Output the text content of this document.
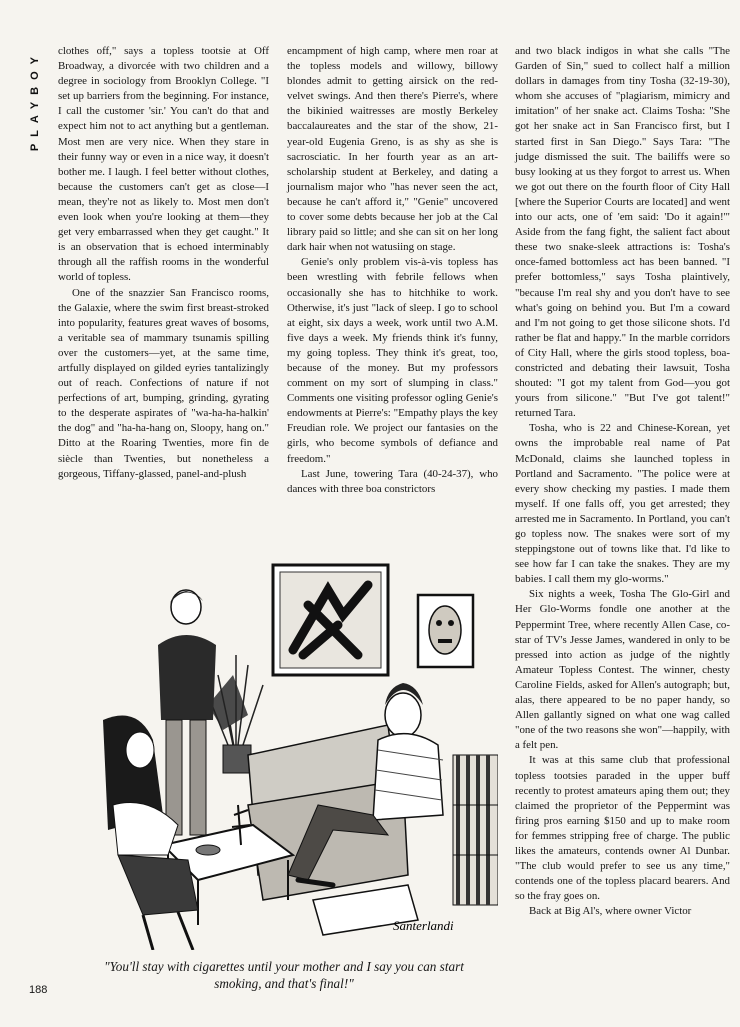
PLAYBOY clothes off," says a topless tootsie at Off Broadway, a divorcée with two children and a degree in sociology from Brooklyn College. "I set up barriers from the beginning. For instance, I call the customer 'sir.' You can't do that and expect him not to act anything but a gentleman. Most men are very nice. When they stare in their funny way or even in a nice way, it doesn't bother me. I laugh. I feel better without clothes, because the customers can't get as close—I mean, they're not as likely to. Most men don't even look when you're looking at them—they get very embarrassed when they get caught." It is an observation that is echoed interminably through all the raffish rooms in the wonderful world of topless.

One of the snazzier San Francisco rooms, the Galaxie, where the swim first breast-stroked into popularity, features great waves of bosoms, a veritable sea of mammary tsunamis spilling over the customers—yet, at the same time, artfully displayed on gilded eyries tantalizingly out of reach. Confections of nature if not perfections of art, bumping, grinding, gyrating to the desperate aspirates of "wa-ha-ha-halkin' the dog" and "ha-ha-hang on, Sloopy, hang on." Ditto at the Roaring Twenties, more fin de siècle than Twenties, but nonetheless a gorgeous, Tiffany-glassed, panel-and-plush

encampment of high camp, where men roar at the topless models and willowy, billowy blondes admit to getting airsick on the red-velvet swings. And then there's Pierre's, where the bikinied waitresses are mostly Berkeley baccalaureates and the star of the show, 21-year-old Eugenia Greno, is as shy as she is sacrosciatic. In her fourth year as an art-scholarship student at Berkeley, and dating a journalism major who "has never seen the act, because he can't afford it," "Genie" uncovered to cover some debts because her job at the Cal library paid so little; and she can sit on her long dark hair when not watusiing on stage.

Genie's only problem vis-à-vis topless has been wrestling with febrile fellows when occasionally she has to hitchhike to work. Otherwise, it's just "lack of sleep. I go to school at eight, six days a week, work until two A.M. five days a week. My friends think it's funny, my going topless. They think it's great, too, because of the money. But my professors comment on my sort of slumping in class." Comments one visiting professor ogling Genie's endowments at Pierre's: "Empathy plays the key Freudian role. We project our fantasies on the girls, who become symbols of defiance and freedom."

Last June, towering Tara (40-24-37), who dances with three boa constrictors

and two black indigos in what she calls "The Garden of Sin," sued to collect half a million dollars in damages from tiny Tosha (32-19-30), whom she accuses of "plagiarism, mimicry and imitation" of her snake act. Claims Tosha: "She got her snake act in San Francisco first, but I started first in San Diego." Says Tara: "The judge dismissed the suit. The bailiffs were so busy looking at us they forgot to arrest us. When we got out there on the fourth floor of City Hall [where the Superior Courts are located] and went into our acts, one of 'em said: 'Do it again!'" Aside from the fang fight, the salient fact about these two snake-sleek attractions is: Tosha's once-famed bottomless act has been banned. "I prefer bottomless," says Tosha plaintively, "because I'm real shy and you don't have to see what's going on behind you. But I'm a coward and I'm not going to get those silicone shots. I'd rather be flat and happy." In the marble corridors of City Hall, where the girls stood topless, boa-constricted and debating their lawsuit, Tosha shouted: "I got my talent from God—you got yours from silicone." "But I've got talent!" returned Tara.

Tosha, who is 22 and Chinese-Korean, yet owns the improbable real name of Pat McDonald, claims she launched topless in Portland and Sacramento. "The police were at every show checking my pasties. I made them myself. If one falls off, you get arrested; they arrested me in Sacramento. In Portland, you can't go topless now. The snakes were sort of my steppingstone out of towns like that. I'd like to see how far I can take the snakes. They are my babies. I call them my glo-worms."

Six nights a week, Tosha The Glo-Girl and Her Glo-Worms fondle one another at the Peppermint Tree, where recently Allen Case, co-star of TV's Jesse James, wandered in only to be pressed into action as judge of the nightly Amateur Topless Contest. The winner, chesty Caroline Fields, asked for Allen's autograph; but, alas, there appeared to be no paper handy, so Allen gallantly signed on what one wag called "one of the two reasons she won"—happily, with a felt pen.

It was at this same club that professional topless tootsies paraded in the upper buff recently to protest amateurs aping them out; they claimed the proprietor of the Peppermint was firing pros earning $150 and up to make room for femmes stripping free of charge. The public likes the amateurs, contends owner Al Dunbar. "The club would prefer to see us any time," contends one of the topless placard bearers. And so the fray goes on.

Back at Big Al's, where owner Victor

Santerlandi
"You'll stay with cigarettes until your mother and I say you can start smoking, and that's final!"
188
